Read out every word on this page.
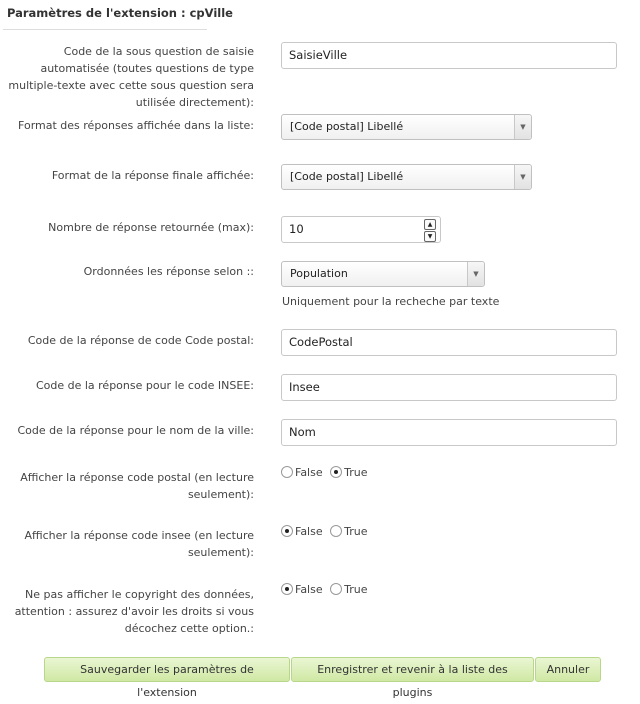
Paramètres de l'extension : cpVille
Code de la sous question de saisie automatisée (toutes questions de type multiple-texte avec cette sous question sera utilisée directement):
SaisieVille
Format des réponses affichée dans la liste:	[Code postal] Libellé	▼
Format de la réponse finale affichée:	[Code postal] Libellé	▼
Nombre de réponse retournée (max):	10	▲
▼
Ordonnées les réponse selon ::	Population	▼
Uniquement pour la recheche par texte
Code de la réponse de code Code postal:	CodePostal
Code de la réponse pour le code INSEE:	Insee
Code de la réponse pour le nom de la ville:	Nom
Afficher la réponse code postal (en lecture seulement):
False True
Afficher la réponse code insee (en lecture seulement):
False True
Ne pas afficher le copyright des données, attention : assurez d'avoir les droits si vous décochez cette option.:
False True
Sauvegarder les paramètres de l'extension
Enregistrer et revenir à la liste des plugins
Annuler
